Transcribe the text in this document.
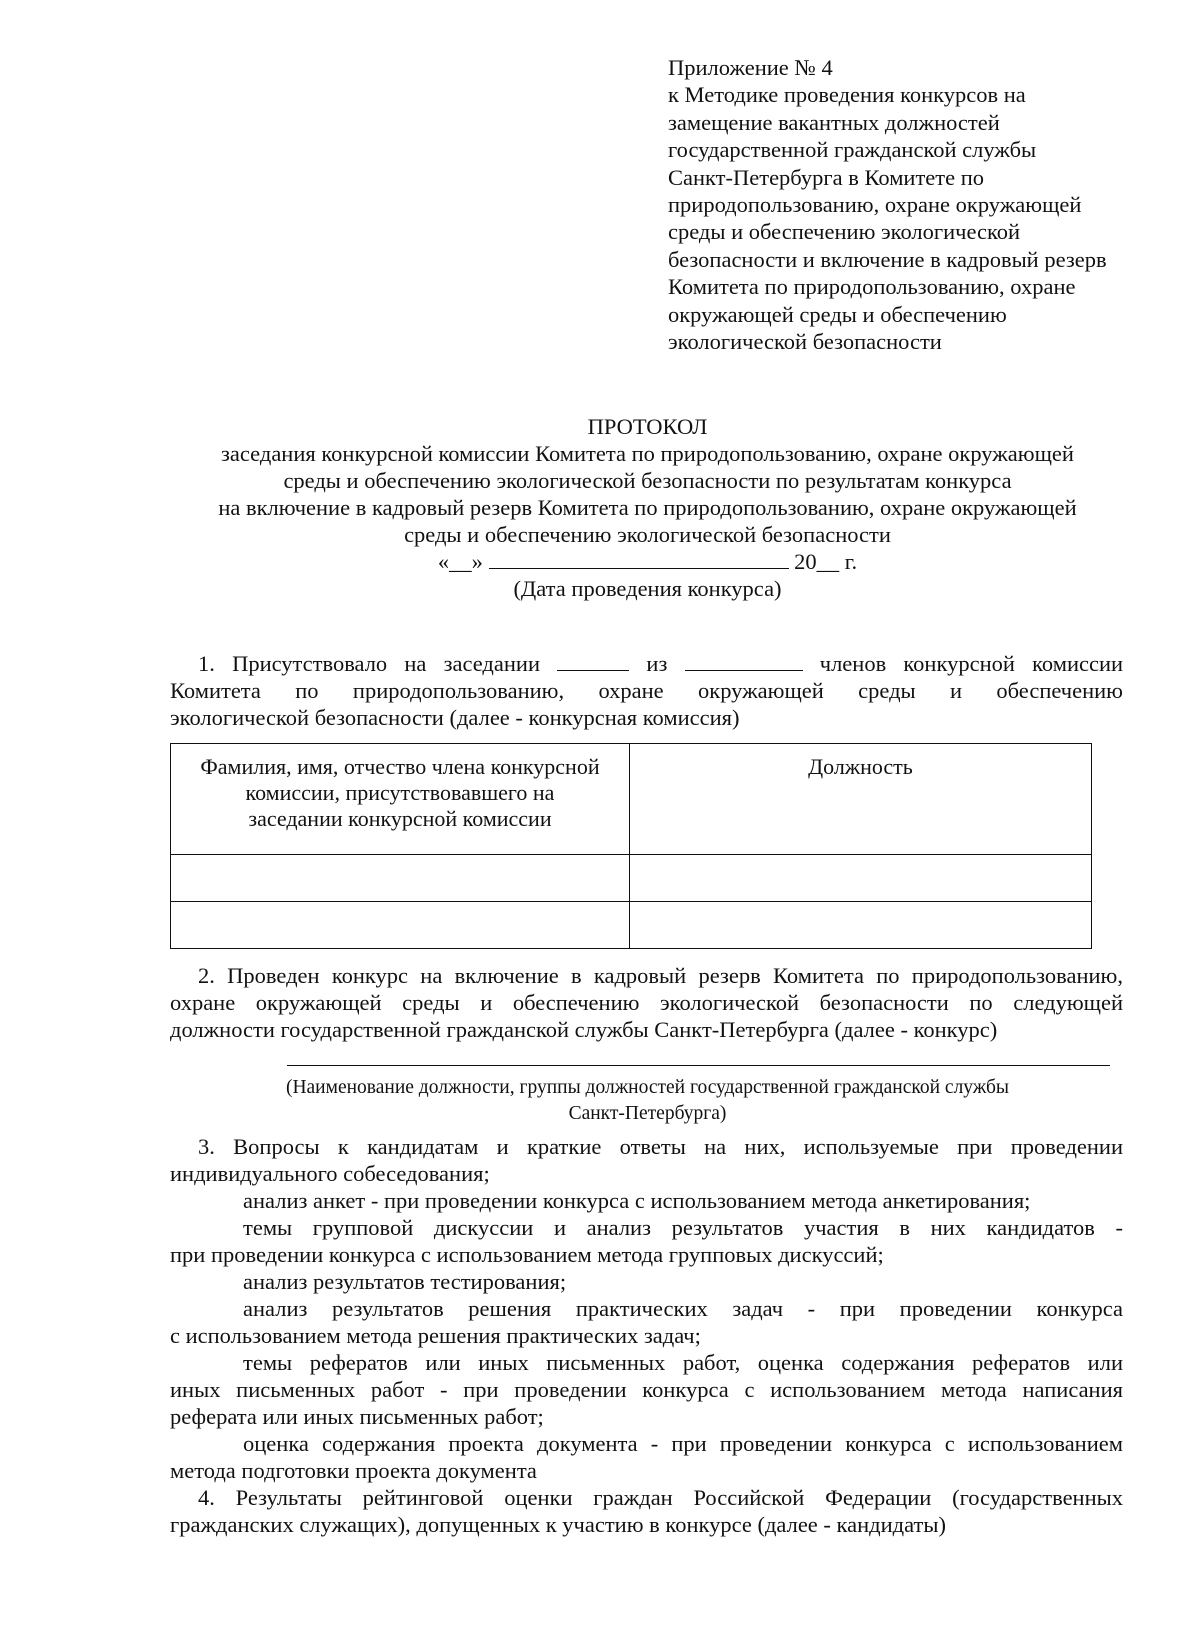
Приложение № 4
к Методике проведения конкурсов на
замещение вакантных должностей
государственной гражданской службы
Санкт-Петербурга в Комитете по
природопользованию, охране окружающей
среды и обеспечению экологической
безопасности и включение в кадровый резерв
Комитета по природопользованию, охране
окружающей среды и обеспечению
экологической безопасности
ПРОТОКОЛ
заседания конкурсной комиссии Комитета по природопользованию, охране окружающей
среды и обеспечению экологической безопасности по результатам конкурса
на включение в кадровый резерв Комитета по природопользованию, охране окружающей
среды и обеспечению экологической безопасности
«__»	20__ г.
(Дата проведения конкурса)
1. Присутствовало на заседании	из	членов конкурсной комиссии
Комитета по природопользованию, охране окружающей среды и обеспечению
экологической безопасности (далее - конкурсная комиссия)
Фамилия, имя, отчество члена конкурсной
комиссии, присутствовавшего на
заседании конкурсной комиссии	Должность

2. Проведен конкурс на включение в кадровый резерв Комитета по природопользованию,
охране окружающей среды и обеспечению экологической безопасности по следующей
должности государственной гражданской службы Санкт-Петербурга (далее - конкурс)
(Наименование должности, группы должностей государственной гражданской службы
Санкт-Петербурга)
3. Вопросы к кандидатам и краткие ответы на них, используемые при проведении
индивидуального собеседования;
анализ анкет - при проведении конкурса с использованием метода анкетирования;
темы групповой дискуссии и анализ результатов участия в них кандидатов -
при проведении конкурса с использованием метода групповых дискуссий;
анализ результатов тестирования;
анализ результатов решения практических задач - при проведении конкурса
с использованием метода решения практических задач;
темы рефератов или иных письменных работ, оценка содержания рефератов или
иных письменных работ - при проведении конкурса с использованием метода написания
реферата или иных письменных работ;
оценка содержания проекта документа - при проведении конкурса с использованием
метода подготовки проекта документа
4. Результаты рейтинговой оценки граждан Российской Федерации (государственных
гражданских служащих), допущенных к участию в конкурсе (далее - кандидаты)
